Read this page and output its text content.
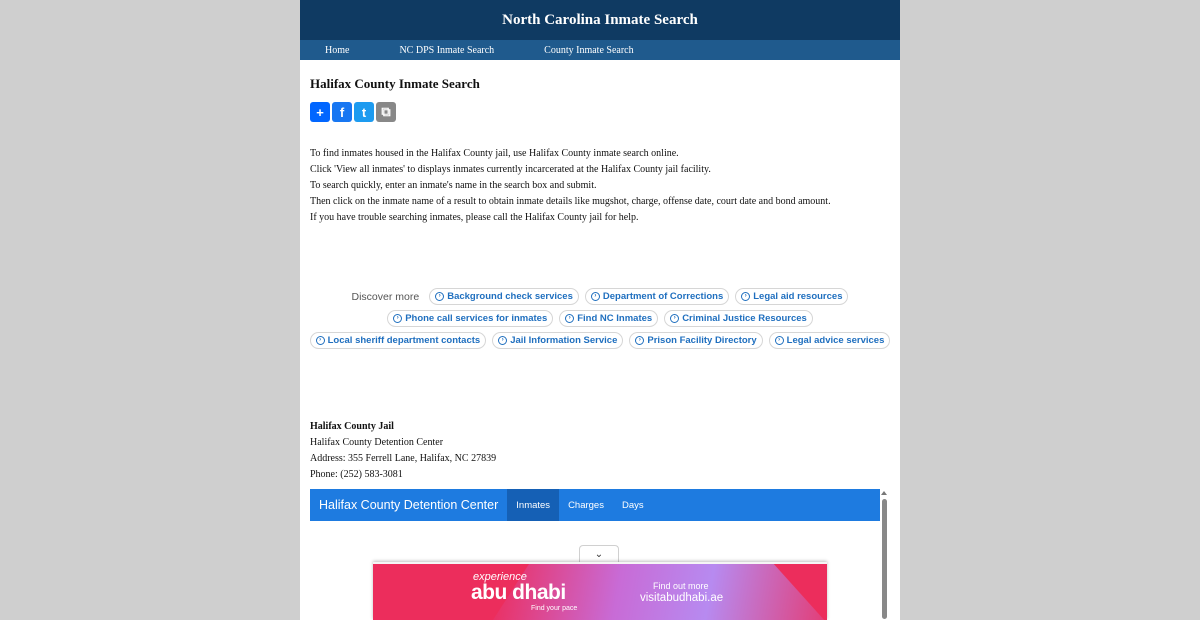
North Carolina Inmate Search
Home	NC DPS Inmate Search	County Inmate Search
Halifax County Inmate Search
+	f	t	⧉

To find inmates housed in the Halifax County jail, use Halifax County inmate search online.

Click 'View all inmates' to displays inmates currently incarcerated at the Halifax County jail facility.

To search quickly, enter an inmate's name in the search box and submit.

Then click on the inmate name of a result to obtain inmate details like mugshot, charge, offense date, court date and bond amount.

If you have trouble searching inmates, please call the Halifax County jail for help.

Discover more	› Background check services	› Department of Corrections	› Legal aid resources
› Phone call services for inmates	› Find NC Inmates	› Criminal Justice Resources
› Local sheriff department contacts	› Jail Information Service	› Prison Facility Directory	› Legal advice services
Halifax County Jail
Halifax County Detention Center
Address: 355 Ferrell Lane, Halifax, NC 27839
Phone: (252) 583-3081
Halifax County Detention Center	Inmates	Charges	Days
⌄
experience
abu dhabi
Find your pace
Find out more
visitabudhabi.ae
